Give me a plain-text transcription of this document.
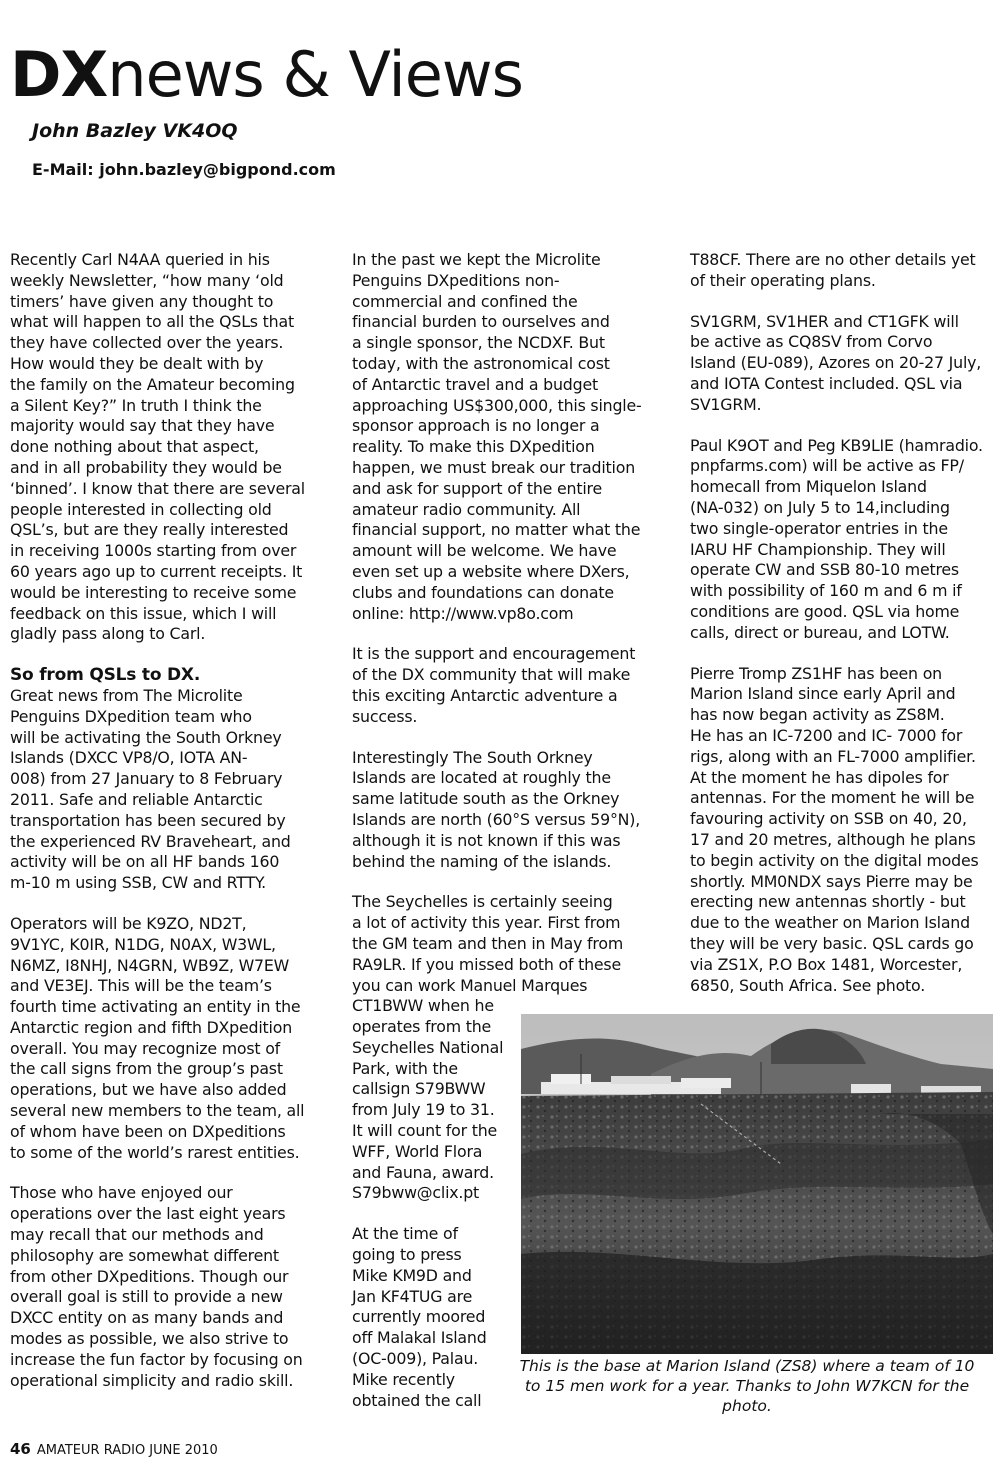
DXnews & Views
John Bazley VK4OQ
E-Mail: john.bazley@bigpond.com

Recently Carl N4AA queried in his
weekly Newsletter, “how many ‘old
timers’ have given any thought to
what will happen to all the QSLs that
they have collected over the years.
How would they be dealt with by
the family on the Amateur becoming
a Silent Key?” In truth I think the
majority would say that they have
done nothing about that aspect,
and in all probability they would be
‘binned’. I know that there are several
people interested in collecting old
QSL’s, but are they really interested
in receiving 1000s starting from over
60 years ago up to current receipts. It
would be interesting to receive some
feedback on this issue, which I will
gladly pass along to Carl.

So from QSLs to DX.
Great news from The Microlite
Penguins DXpedition team who
will be activating the South Orkney
Islands (DXCC VP8/O, IOTA AN-
008) from 27 January to 8 February
2011. Safe and reliable Antarctic
transportation has been secured by
the experienced RV Braveheart, and
activity will be on all HF bands 160
m-10 m using SSB, CW and RTTY.

Operators will be K9ZO, ND2T,
9V1YC, K0IR, N1DG, N0AX, W3WL,
N6MZ, I8NHJ, N4GRN, WB9Z, W7EW
and VE3EJ. This will be the team’s
fourth time activating an entity in the
Antarctic region and fifth DXpedition
overall. You may recognize most of
the call signs from the group’s past
operations, but we have also added
several new members to the team, all
of whom have been on DXpeditions
to some of the world’s rarest entities.

Those who have enjoyed our
operations over the last eight years
may recall that our methods and
philosophy are somewhat different
from other DXpeditions. Though our
overall goal is still to provide a new
DXCC entity on as many bands and
modes as possible, we also strive to
increase the fun factor by focusing on
operational simplicity and radio skill.

In the past we kept the Microlite
Penguins DXpeditions non-
commercial and confined the
financial burden to ourselves and
a single sponsor, the NCDXF. But
today, with the astronomical cost
of Antarctic travel and a budget
approaching US$300,000, this single-
sponsor approach is no longer a
reality. To make this DXpedition
happen, we must break our tradition
and ask for support of the entire
amateur radio community. All
financial support, no matter what the
amount will be welcome. We have
even set up a website where DXers,
clubs and foundations can donate
online: http://www.vp8o.com

It is the support and encouragement
of the DX community that will make
this exciting Antarctic adventure a
success.

Interestingly The South Orkney
Islands are located at roughly the
same latitude south as the Orkney
Islands are north (60°S versus 59°N),
although it is not known if this was
behind the naming of the islands.

The Seychelles is certainly seeing
a lot of activity this year. First from
the GM team and then in May from
RA9LR. If you missed both of these
you can work Manuel Marques
CT1BWW when he
operates from the
Seychelles National
Park, with the
callsign S79BWW
from July 19 to 31.
It will count for the
WFF, World Flora
and Fauna, award.
S79bww@clix.pt

At the time of
going to press
Mike KM9D and
Jan KF4TUG are
currently moored
off Malakal Island
(OC-009), Palau.
Mike recently
obtained the call

T88CF. There are no other details yet
of their operating plans.

SV1GRM, SV1HER and CT1GFK will
be active as CQ8SV from Corvo
Island (EU-089), Azores on 20-27 July,
and IOTA Contest included. QSL via
SV1GRM.

Paul K9OT and Peg KB9LIE (hamradio.
pnpfarms.com) will be active as FP/
homecall from Miquelon Island
(NA-032) on July 5 to 14,including
two single-operator entries in the
IARU HF Championship. They will
operate CW and SSB 80-10 metres
with possibility of 160 m and 6 m if
conditions are good. QSL via home
calls, direct or bureau, and LOTW.

Pierre Tromp ZS1HF has been on
Marion Island since early April and
has now began activity as ZS8M.
He has an IC-7200 and IC- 7000 for
rigs, along with an FL-7000 amplifier.
At the moment he has dipoles for
antennas. For the moment he will be
favouring activity on SSB on 40, 20,
17 and 20 metres, although he plans
to begin activity on the digital modes
shortly. MM0NDX says Pierre may be
erecting new antennas shortly - but
due to the weather on Marion Island
they will be very basic. QSL cards go
via ZS1X, P.O Box 1481, Worcester,
6850, South Africa. See photo.

This is the base at Marion Island (ZS8) where a team of 10
to 15 men work for a year. Thanks to John W7KCN for the
photo.
46 AMATEUR RADIO JUNE 2010
